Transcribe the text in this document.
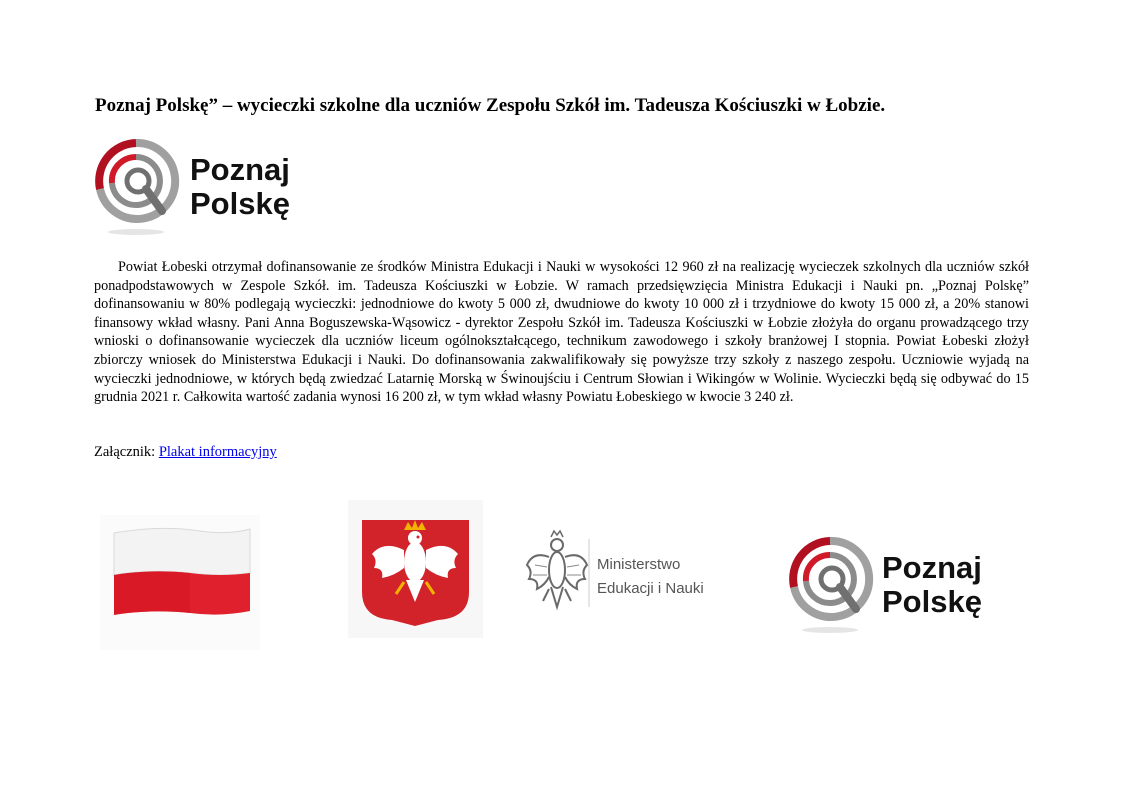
Poznaj Polskę” – wycieczki szkolne dla uczniów Zespołu Szkół im. Tadeusza Kościuszki w Łobzie.
Poznaj
Polskę

Powiat Łobeski otrzymał dofinansowanie ze środków Ministra Edukacji i Nauki w wysokości 12 960 zł na realizację wycieczek szkolnych dla uczniów szkół ponadpodstawowych w Zespole Szkół. im. Tadeusza Kościuszki w Łobzie. W ramach przedsięwzięcia Ministra Edukacji i Nauki pn. „Poznaj Polskę” dofinansowaniu w 80% podlegają wycieczki: jednodniowe do kwoty 5 000 zł, dwudniowe do kwoty 10 000 zł i trzydniowe do kwoty 15 000 zł, a 20% stanowi finansowy wkład własny. Pani Anna Boguszewska-Wąsowicz - dyrektor Zespołu Szkół im. Tadeusza Kościuszki w Łobzie złożyła do organu prowadzącego trzy wnioski o dofinansowanie wycieczek dla uczniów liceum ogólnokształcącego, technikum zawodowego i szkoły branżowej I stopnia. Powiat Łobeski złożył zbiorczy wniosek do Ministerstwa Edukacji i Nauki. Do dofinansowania zakwalifikowały się powyższe trzy szkoły z naszego zespołu. Uczniowie wyjadą na wycieczki jednodniowe, w których będą zwiedzać Latarnię Morską w Świnoujściu i Centrum Słowian i Wikingów w Wolinie. Wycieczki będą się odbywać do 15 grudnia 2021 r. Całkowita wartość zadania wynosi 16 200 zł, w tym wkład własny Powiatu Łobeskiego w kwocie 3 240 zł.

Załącznik: Plakat informacyjny

Ministerstwo
Edukacji i Nauki
Poznaj
Polskę
